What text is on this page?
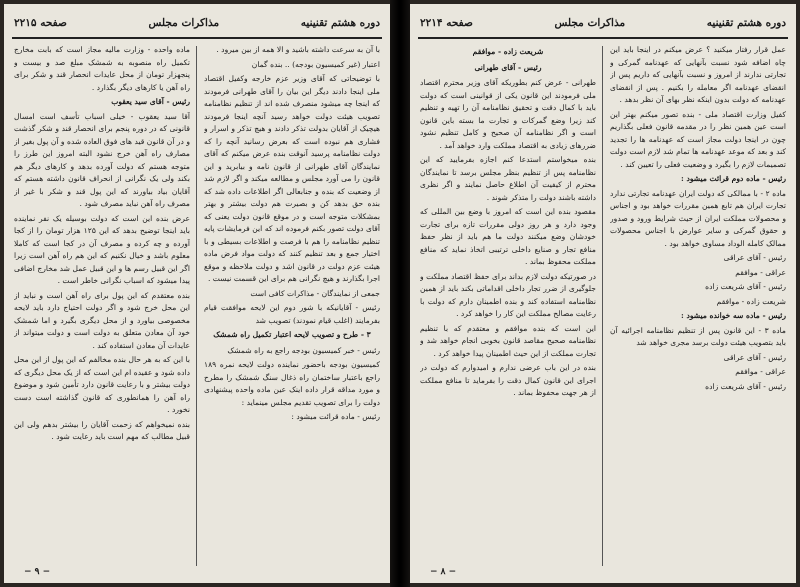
دوره هشتم تقنینیه
مذاکرات مجلس
صفحه ۲۲۱۵

با آن به سرعت داشته باشید و الا همه از بین میرود .

اعتبار (غیر کمیسیون بودجه) .. بنده گمان

با توضیحاتی که آقای وزیر عزم خارجه وکفیل اقتصاد ملی اینجا دادند دیگر این بیان را آقای طهرانی فرمودند که اینجا چه میشود منصرف شده اند از تنظیم نظامنامه تصویب هیئت دولت خواهد رسید آنچه اینجا فرمودند هیچیک از آقایان بدولت تذکر دادند و هیچ تذکر و اسرار و فشاری هم نبوده است که بعرض رسانید آنچه را که دولت نظامنامه پرسید آنوقت بنده عرض میکنم که آقای نمایندگان آقای طهرانی از قانون نامه و بیابرید و این قانون را می آورد مجلس و مطالعه میکند و اگر لازم شد از وضعیت که بنده و جنابعالی اگر اطلاعات داده شد که بنده حق بدهد کن و بصیرت هم دولت بیشتر و بهتر بمشکلات متوجه است و در موقع قانون دولت یعنی که آقای دولت تصور بکنم فرموده اند که این فرمایشات پایه تنظیم نظامنامه را هم با فرصت و اطلاعات بسیطی و با اختیار جمع و بعد تنظیم کنند که دولت مواد فرض ماده هیئت عزم دولت در قانون اشد و دولت ملاحظه و موقع اجرا بگذارند و هیچ نگرانی هم برای این قسمت نیست .

جمعی از نمایندگان - مذاکرات کافی است

رئیس - آقایانیکه با شور دوم این لایحه موافقت قیام بفرمایند (اغلب قیام نمودند) تصویب شد

۳ - طرح و تصویب لایحه اعتبار تکمیل راه شمشک

رئیس - خبر کمیسیون بودجه راجع به راه شمشک

کمیسیون بودجه باحضور نماینده دولت لایحه نمره ۱۸۹ راجع باعتبار ساختمان راه ذغال سنگ شمشک را مطرح و مورد مداقه قرار داده اینک عین ماده واحده پیشنهادی دولت را برای تصویب تقدیم مجلس مینماید :

رئیس - ماده قرائت میشود :

ماده واحده - وزارت مالیه مجاز است که بابت مخارج تکمیل راه منصوبه به شمشک مبلغ صد و بیست و پنجهزار تومان از محل عایدات انحصار قند و شکر برای راه آهن یا کارهای دیگر بگذارد .

رئیس - آقای سید یعقوب

آقا سید یعقوب - خیلی اسباب تأسف است امسال قانونی که در دوره پنجم برای انحصار قند و شکر گذشت و در آن قانون قید های فوق العاده شده و آن پول بغیر از مصارف راه آهن خرج نشود البته امروز این طرز را متوجه هستم که دولت آورده بدهد و کارهای دیگر هم بکند ولی یک نگرانی از انحراف قانون داشته هستم که آقایان بیاد بیاورند که این پول قند و شکر با غیر از مصرف راه آهن نباید مصرف شود .

عرض بنده این است که دولت بوسیله یک نفر نماینده باید اینجا توضیح بدهد که این ۱۲۵ هزار تومان را از کجا آورده و چه کرده و مصرف آن در کجا است که کاملا معلوم باشد و خیال نکنیم که این هم راه آهن است زیرا اگر این قبیل رسم ها و این قبیل عمل شد مخارج اضافی پیدا میشود که اسباب نگرانی خاطر است .

بنده معتقدم که این پول برای راه آهن است و نباید از این محل خرج شود و اگر دولت احتیاج دارد باید لایحه مخصوصی بیاورد و از محل دیگری بگیرد و اما شمشک خود آن معادن متعلق به دولت است و دولت میتواند از عایدات آن معادن استفاده کند .

با این که به هر حال بنده مخالفم که این پول از این محل داده شود و عقیده ام این است که از یک محل دیگری که دولت بیشتر و با رعایت قانون دارد تأمین شود و موضوع راه آهن را همانطوری که قانون گذاشته است دست نخورد .

بنده نمیخواهم که زحمت آقایان را بیشتر بدهم ولی این قبیل مطالب که مهم است باید رعایت شود .

− ۹ −
دوره هشتم تقنینیه
مذاکرات مجلس
صفحه ۲۲۱۴

عمل قرار رفتار میکنید ؟ عرض میکنم در اینجا باید این چاه اضافه شود نسبت بآنهایی که عهدنامه گمرکی و تجارتی ندارند از امروز و نسبت بآنهایی که داریم پس از انقضای عهدنامه اگر معامله را بکنیم . پس از انقضای عهدنامه که دولت بدون اینکه نظر بهای آن نظر بدهد .

کفیل وزارت اقتصاد ملی - بنده تصور میکنم بهتر این است عین همین نظر را در مقدمه قانون فعلی بگذاریم چون در اینجا دولت مجاز است که عهدنامه ها را تجدید کند و بعد که موعد عهدنامه ها تمام شد لازم است دولت تصمیمات لازم را بگیرد و وضعیت فعلی را تعیین کند .

رئیس - ماده دوم قرائت میشود :

ماده ۲ - با ممالکی که دولت ایران عهدنامه تجارتی ندارد تجارت ایران هم تابع همین مقررات خواهد بود و اجناس و محصولات مملکت ایران از حیث شرایط ورود و صدور و حقوق گمرکی و سایر عوارض با اجناس محصولات ممالک کامله الوداد مساوی خواهد بود .

رئیس - آقای عراقی

عراقی - موافقم

رئیس - آقای شریعت زاده

شریعت زاده - موافقم

رئیس - ماده سه خوانده میشود :

ماده ۳ - این قانون پس از تنظیم نظامنامه اجرائیه آن باید بتصویب هیئت دولت برسد مجری خواهد شد

رئیس - آقای عراقی

عراقی - موافقم

رئیس - آقای شریعت زاده

شریعت زاده - موافقم

رئیس - آقای طهرانی

طهرانی - عرض کنم بطوریکه آقای وزیر محترم اقتصاد ملی فرمودند این قانون یکی از قوانینی است که دولت باید با کمال دقت و تحقیق نظامنامه آن را تهیه و تنظیم کند زیرا وضع گمرکات و تجارت ما بسته باین قانون است و اگر نظامنامه آن صحیح و کامل تنظیم نشود ضررهای زیادی به اقتصاد مملکت وارد خواهد آمد .

بنده میخواستم استدعا کنم اجازه بفرمایید که این نظامنامه پس از تنظیم بنظر مجلس برسد تا نمایندگان محترم از کیفیت آن اطلاع حاصل نمایند و اگر نظری داشته باشند دولت را متذکر شوند .

مقصود بنده این است که امروز با وضع بین المللی که وجود دارد و هر روز دولی مقررات تازه برای تجارت خودشان وضع میکنند دولت ما هم باید از نظر حفظ منافع تجار و صنایع داخلی ترتیبی اتخاذ نماید که منافع مملکت محفوظ بماند .

در صورتیکه دولت لازم بداند برای حفظ اقتصاد مملکت و جلوگیری از ضرر تجار داخلی اقداماتی بکند باید از همین نظامنامه استفاده کند و بنده اطمینان دارم که دولت با رعایت مصالح مملکت این کار را خواهد کرد .

این است که بنده موافقم و معتقدم که با تنظیم نظامنامه صحیح مقاصد قانون بخوبی انجام خواهد شد و تجارت مملکت از این حیث اطمینان پیدا خواهد کرد .

بنده در این باب عرضی ندارم و امیدوارم که دولت در اجرای این قانون کمال دقت را بفرماید تا منافع مملکت از هر جهت محفوظ بماند .

− ۸ −
